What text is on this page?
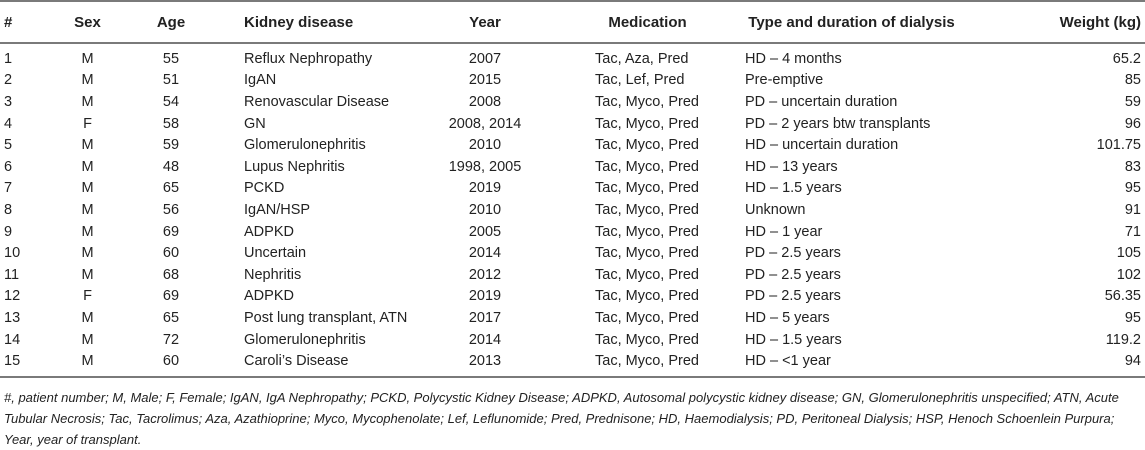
#	Sex	Age	Kidney disease	Year	Medication	Type and duration of dialysis	Weight (kg)
1	M	55	Reflux Nephropathy	2007	Tac, Aza, Pred	HD – 4 months	65.2
2	M	51	IgAN	2015	Tac, Lef, Pred	Pre-emptive	85
3	M	54	Renovascular Disease	2008	Tac, Myco, Pred	PD – uncertain duration	59
4	F	58	GN	2008, 2014	Tac, Myco, Pred	PD – 2 years btw transplants	96
5	M	59	Glomerulonephritis	2010	Tac, Myco, Pred	HD – uncertain duration	101.75
6	M	48	Lupus Nephritis	1998, 2005	Tac, Myco, Pred	HD – 13 years	83
7	M	65	PCKD	2019	Tac, Myco, Pred	HD – 1.5 years	95
8	M	56	IgAN/HSP	2010	Tac, Myco, Pred	Unknown	91
9	M	69	ADPKD	2005	Tac, Myco, Pred	HD – 1 year	71
10	M	60	Uncertain	2014	Tac, Myco, Pred	PD – 2.5 years	105
11	M	68	Nephritis	2012	Tac, Myco, Pred	PD – 2.5 years	102
12	F	69	ADPKD	2019	Tac, Myco, Pred	PD – 2.5 years	56.35
13	M	65	Post lung transplant, ATN	2017	Tac, Myco, Pred	HD – 5 years	95
14	M	72	Glomerulonephritis	2014	Tac, Myco, Pred	HD – 1.5 years	119.2
15	M	60	Caroli’s Disease	2013	Tac, Myco, Pred	HD – <1 year	94
#, patient number; M, Male; F, Female; IgAN, IgA Nephropathy; PCKD, Polycystic Kidney Disease; ADPKD, Autosomal polycystic kidney disease; GN, Glomerulonephritis unspecified; ATN, Acute Tubular Necrosis; Tac, Tacrolimus; Aza, Azathioprine; Myco, Mycophenolate; Lef, Leflunomide; Pred, Prednisone; HD, Haemodialysis; PD, Peritoneal Dialysis; HSP, Henoch Schoenlein Purpura; Year, year of transplant.
